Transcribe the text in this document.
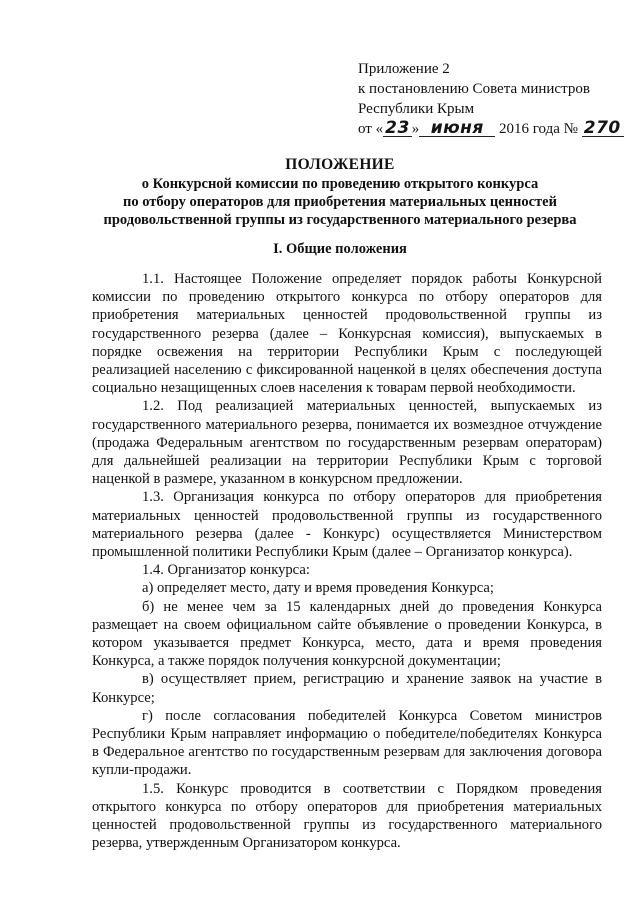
Приложение 2
к постановлению Совета министров
Республики Крым
от « 23 » июня 2016 года № 270
ПОЛОЖЕНИЕ
о Конкурсной комиссии по проведению открытого конкурса
по отбору операторов для приобретения материальных ценностей
продовольственной группы из государственного материального резерва
I. Общие положения

1.1. Настоящее Положение определяет порядок работы Конкурсной комиссии по проведению открытого конкурса по отбору операторов для приобретения материальных ценностей продовольственной группы из государственного резерва (далее – Конкурсная комиссия), выпускаемых в порядке освежения на территории Республики Крым с последующей реализацией населению с фиксированной наценкой в целях обеспечения доступа социально незащищенных слоев населения к товарам первой необходимости.

1.2. Под реализацией материальных ценностей, выпускаемых из государственного материального резерва, понимается их возмездное отчуждение (продажа Федеральным агентством по государственным резервам операторам) для дальнейшей реализации на территории Республики Крым с торговой наценкой в размере, указанном в конкурсном предложении.

1.3. Организация конкурса по отбору операторов для приобретения материальных ценностей продовольственной группы из государственного материального резерва (далее - Конкурс) осуществляется Министерством промышленной политики Республики Крым (далее – Организатор конкурса).

1.4. Организатор конкурса:

а) определяет место, дату и время проведения Конкурса;

б) не менее чем за 15 календарных дней до проведения Конкурса размещает на своем официальном сайте объявление о проведении Конкурса, в котором указывается предмет Конкурса, место, дата и время проведения Конкурса, а также порядок получения конкурсной документации;

в) осуществляет прием, регистрацию и хранение заявок на участие в Конкурсе;

г) после согласования победителей Конкурса Советом министров Республики Крым направляет информацию о победителе/победителях Конкурса в Федеральное агентство по государственным резервам для заключения договора купли-продажи.

1.5. Конкурс проводится в соответствии с Порядком проведения открытого конкурса по отбору операторов для приобретения материальных ценностей продовольственной группы из государственного материального резерва, утвержденным Организатором конкурса.
